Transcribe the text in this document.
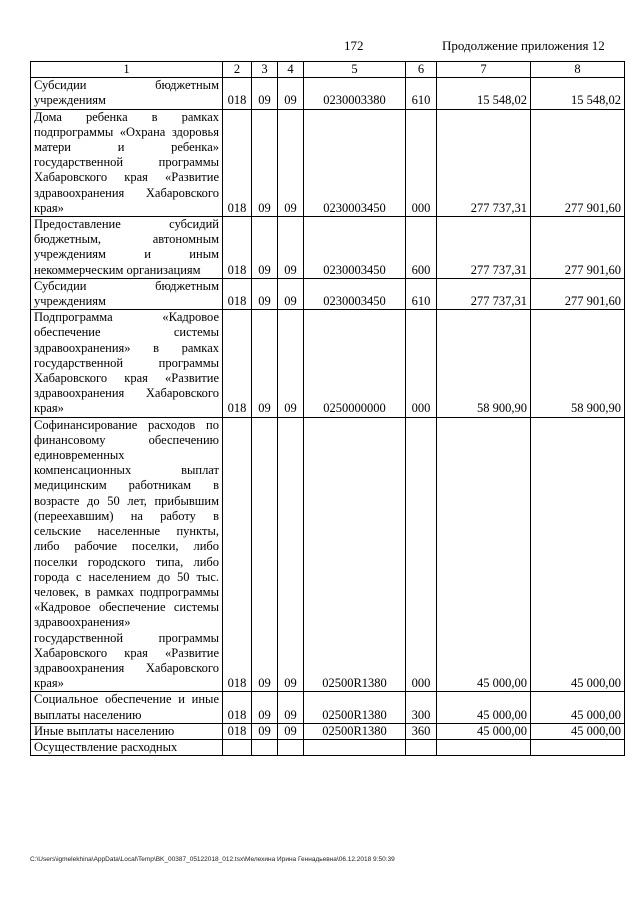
172	Продолжение приложения 12
1	2	3	4	5	6	7	8
Субсидии бюджетным учреждениям	018	09	09	0230003380	610	15 548,02	15 548,02
Дома ребенка в рамках подпрограммы «Охрана здоровья матери и ребенка» государственной программы Хабаровского края «Развитие здравоохранения Хабаровского края»	018	09	09	0230003450	000	277 737,31	277 901,60
Предоставление субсидий бюджетным, автономным учреждениям и иным некоммерческим организациям	018	09	09	0230003450	600	277 737,31	277 901,60
Субсидии бюджетным учреждениям	018	09	09	0230003450	610	277 737,31	277 901,60
Подпрограмма «Кадровое обеспечение системы здравоохранения» в рамках государственной программы Хабаровского края «Развитие здравоохранения Хабаровского края»	018	09	09	0250000000	000	58 900,90	58 900,90
Софинансирование расходов по финансовому обеспечению единовременных компенсационных выплат медицинским работникам в возрасте до 50 лет, прибывшим (переехавшим) на работу в сельские населенные пункты, либо рабочие поселки, либо поселки городского типа, либо города с населением до 50 тыс. человек, в рамках подпрограммы «Кадровое обеспечение системы здравоохранения» государственной программы Хабаровского края «Развитие здравоохранения Хабаровского края»	018	09	09	02500R1380	000	45 000,00	45 000,00
Социальное обеспечение и иные выплаты населению	018	09	09	02500R1380	300	45 000,00	45 000,00
Иные выплаты населению	018	09	09	02500R1380	360	45 000,00	45 000,00
Осуществление расходных							
C:\Users\igmelekhina\AppData\Local\Temp\BK_00387_05122018_012.tsx\Мелехина Ирина Геннадьевна\06.12.2018 9:50:39
